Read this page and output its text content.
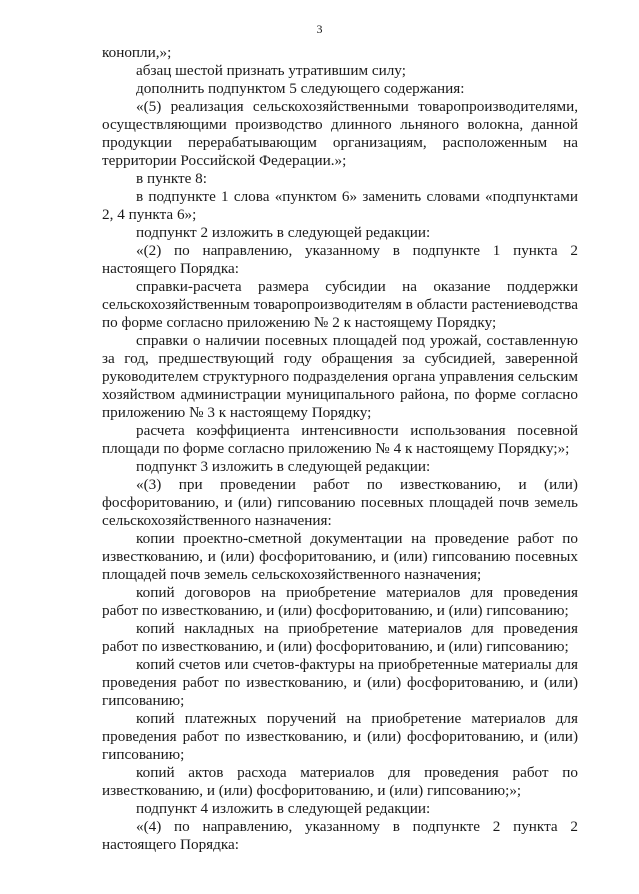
3

конопли,»;

абзац шестой признать утратившим силу;

дополнить подпунктом 5 следующего содержания:

«(5) реализация сельскохозяйственными товаропроизводителями, осуществляющими производство длинного льняного волокна, данной продукции перерабатывающим организациям, расположенным на территории Российской Федерации.»;

в пункте 8:

в подпункте 1 слова «пунктом 6» заменить словами «подпунктами 2, 4 пункта 6»;

подпункт 2 изложить в следующей редакции:

«(2) по направлению, указанному в подпункте 1 пункта 2 настоящего Порядка:

справки-расчета размера субсидии на оказание поддержки сельскохозяйственным товаропроизводителям в области растениеводства по форме согласно приложению № 2 к настоящему Порядку;

справки о наличии посевных площадей под урожай, составленную за год, предшествующий году обращения за субсидией, заверенной руководителем структурного подразделения органа управления сельским хозяйством администрации муниципального района, по форме согласно приложению № 3 к настоящему Порядку;

расчета коэффициента интенсивности использования посевной площади по форме согласно приложению № 4 к настоящему Порядку;»;

подпункт 3 изложить в следующей редакции:

«(3) при проведении работ по известкованию, и (или) фосфоритованию, и (или) гипсованию посевных площадей почв земель сельскохозяйственного назначения:

копии проектно-сметной документации на проведение работ по известкованию, и (или) фосфоритованию, и (или) гипсованию посевных площадей почв земель сельскохозяйственного назначения;

копий договоров на приобретение материалов для проведения работ по известкованию, и (или) фосфоритованию, и (или) гипсованию;

копий накладных на приобретение материалов для проведения работ по известкованию, и (или) фосфоритованию, и (или) гипсованию;

копий счетов или счетов-фактуры на приобретенные материалы для проведения работ по известкованию, и (или) фосфоритованию, и (или) гипсованию;

копий платежных поручений на приобретение материалов для проведения работ по известкованию, и (или) фосфоритованию, и (или) гипсованию;

копий актов расхода материалов для проведения работ по известкованию, и (или) фосфоритованию, и (или) гипсованию;»;

подпункт 4 изложить в следующей редакции:

«(4) по направлению, указанному в подпункте 2 пункта 2 настоящего Порядка:
